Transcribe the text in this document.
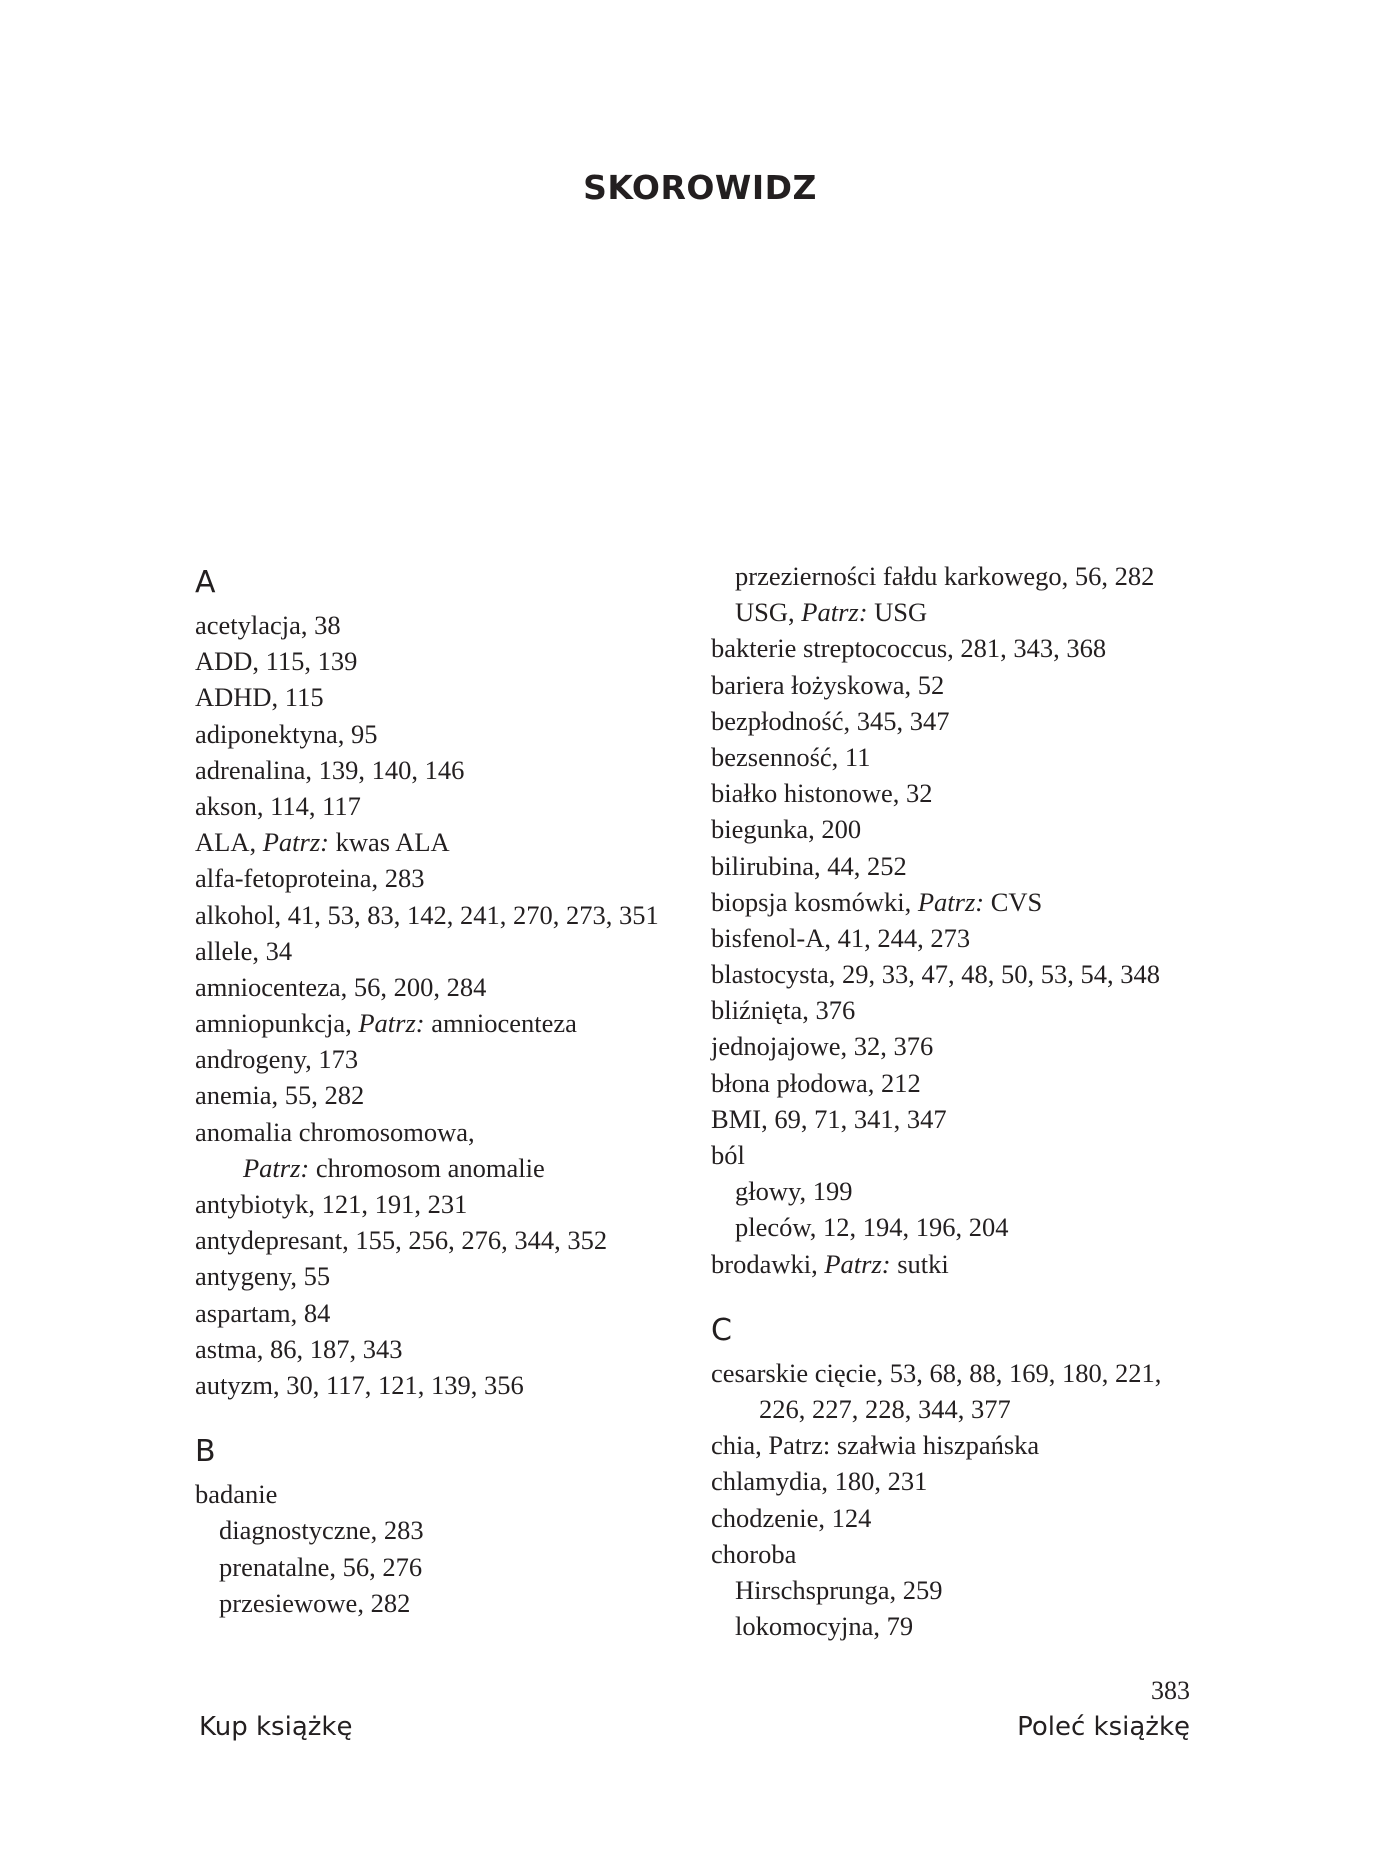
SKOROWIDZ
A
acetylacja, 38
ADD, 115, 139
ADHD, 115
adiponektyna, 95
adrenalina, 139, 140, 146
akson, 114, 117
ALA, Patrz: kwas ALA
alfa-fetoproteina, 283
alkohol, 41, 53, 83, 142, 241, 270, 273, 351
allele, 34
amniocenteza, 56, 200, 284
amniopunkcja, Patrz: amniocenteza
androgeny, 173
anemia, 55, 282
anomalia chromosomowa,
Patrz: chromosom anomalie
antybiotyk, 121, 191, 231
antydepresant, 155, 256, 276, 344, 352
antygeny, 55
aspartam, 84
astma, 86, 187, 343
autyzm, 30, 117, 121, 139, 356
B
badanie
diagnostyczne, 283
prenatalne, 56, 276
przesiewowe, 282
przezierności fałdu karkowego, 56, 282
USG, Patrz: USG
bakterie streptococcus, 281, 343, 368
bariera łożyskowa, 52
bezpłodność, 345, 347
bezsenność, 11
białko histonowe, 32
biegunka, 200
bilirubina, 44, 252
biopsja kosmówki, Patrz: CVS
bisfenol-A, 41, 244, 273
blastocysta, 29, 33, 47, 48, 50, 53, 54, 348
bliźnięta, 376
jednojajowe, 32, 376
błona płodowa, 212
BMI, 69, 71, 341, 347
ból
głowy, 199
pleców, 12, 194, 196, 204
brodawki, Patrz: sutki
C
cesarskie cięcie, 53, 68, 88, 169, 180, 221,
226, 227, 228, 344, 377
chia, Patrz: szałwia hiszpańska
chlamydia, 180, 231
chodzenie, 124
choroba
Hirschsprunga, 259
lokomocyjna, 79
383
Kup książkę	Poleć książkę
